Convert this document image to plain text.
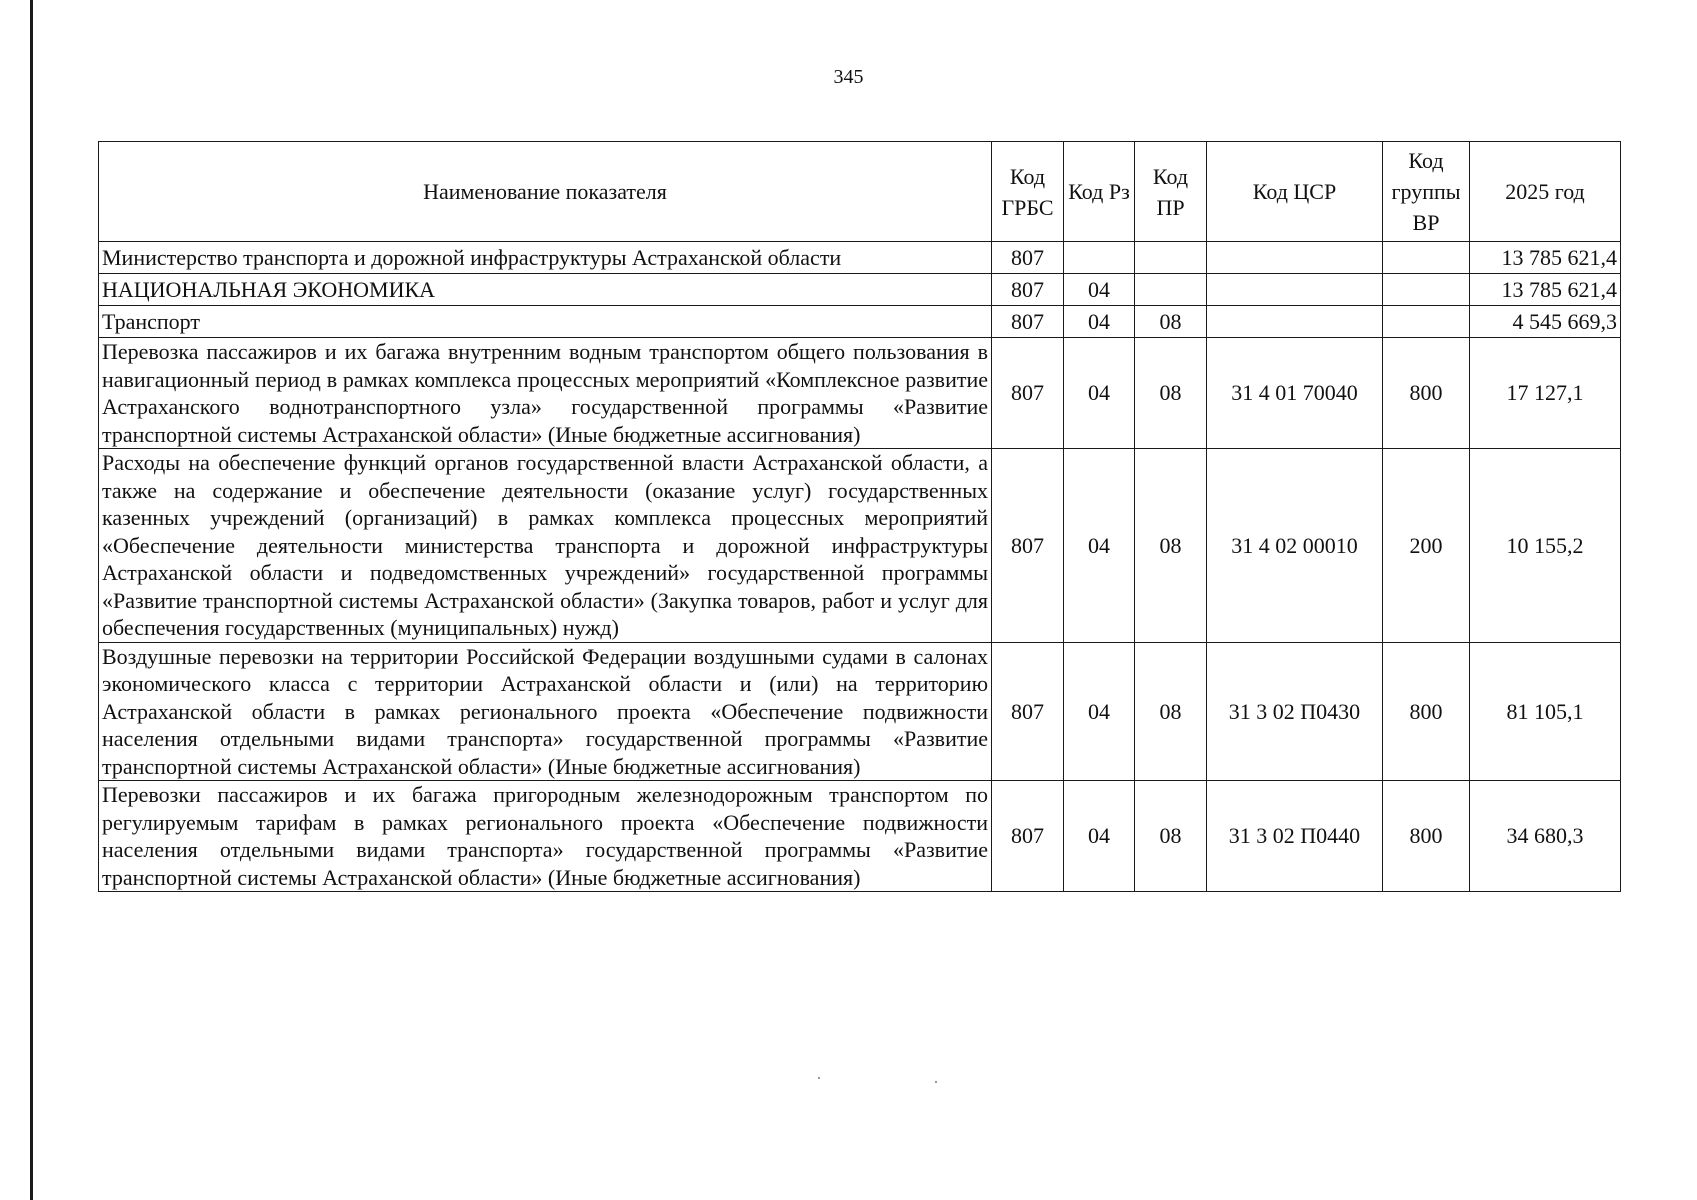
345
Наименование показателя	Код ГРБС	Код Рз	Код ПР	Код ЦСР	Код группы ВР	2025 год
Министерство транспорта и дорожной инфраструктуры Астраханской области	807					13 785 621,4
НАЦИОНАЛЬНАЯ ЭКОНОМИКА	807	04				13 785 621,4
Транспорт	807	04	08			4 545 669,3
Перевозка пассажиров и их багажа внутренним водным транспортом общего пользования в навигационный период в рамках комплекса процессных мероприятий «Комплексное развитие Астраханского воднотранспортного узла» государственной программы «Развитие транспортной системы Астраханской области» (Иные бюджетные ассигнования)	807	04	08	31 4 01 70040	800	17 127,1
Расходы на обеспечение функций органов государственной власти Астраханской области, а также на содержание и обеспечение деятельности (оказание услуг) государственных казенных учреждений (организаций) в рамках комплекса процессных мероприятий «Обеспечение деятельности министерства транспорта и дорожной инфраструктуры Астраханской области и подведомственных учреждений» государственной программы «Развитие транспортной системы Астраханской области» (Закупка товаров, работ и услуг для обеспечения государственных (муниципальных) нужд)	807	04	08	31 4 02 00010	200	10 155,2
Воздушные перевозки на территории Российской Федерации воздушными судами в салонах экономического класса с территории Астраханской области и (или) на территорию Астраханской области в рамках регионального проекта «Обеспечение подвижности населения отдельными видами транспорта» государственной программы «Развитие транспортной системы Астраханской области» (Иные бюджетные ассигнования)	807	04	08	31 3 02 П0430	800	81 105,1
Перевозки пассажиров и их багажа пригородным железнодорожным транспортом по регулируемым тарифам в рамках регионального проекта «Обеспечение подвижности населения отдельными видами транспорта» государственной программы «Развитие транспортной системы Астраханской области» (Иные бюджетные ассигнования)	807	04	08	31 3 02 П0440	800	34 680,3
